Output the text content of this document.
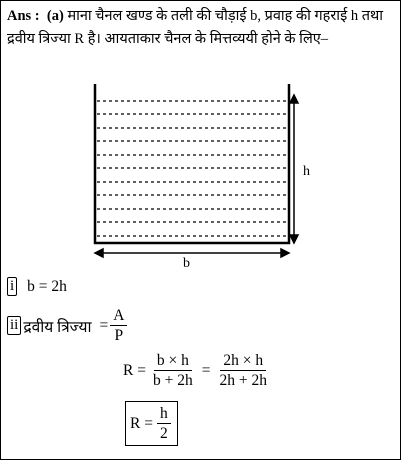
Ans : (a) माना चैनल खण्ड के तली की चौड़ाई b, प्रवाह की गहराई h तथा द्रवीय त्रिज्या R है। आयताकार चैनल के मित्तव्ययी होने के लिए–
h
b
i b = 2h
ii द्रवीय त्रिज्या = $\frac{A}{P}$
$R = \frac{b \times h}{b + 2h} = \frac{2h \times h}{2h + 2h}$
$R = \frac{h}{2}$
